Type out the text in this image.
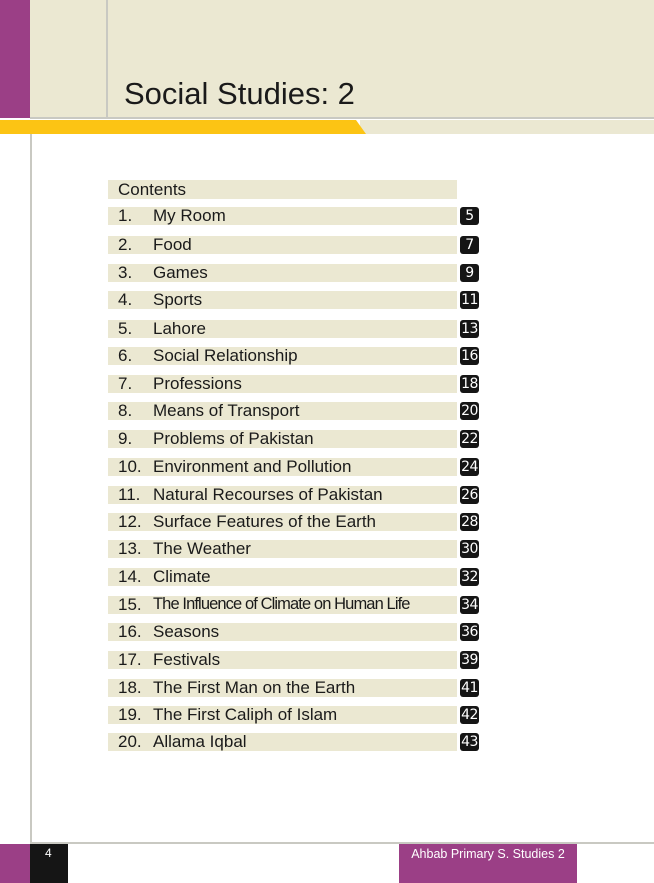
Social Studies: 2
Contents
1. My Room	5
2. Food	7
3. Games	9
4. Sports	11
5. Lahore	13
6. Social Relationship	16
7. Professions	18
8. Means of Transport	20
9. Problems of Pakistan	22
10. Environment and Pollution	24
11. Natural Recourses of Pakistan	26
12. Surface Features of the Earth	28
13. The Weather	30
14. Climate	32
15. The Influence of Climate on Human Life	34
16. Seasons	36
17. Festivals	39
18. The First Man on the Earth	41
19. The First Caliph of Islam	42
20. Allama Iqbal	43
4	Ahbab Primary S. Studies 2
